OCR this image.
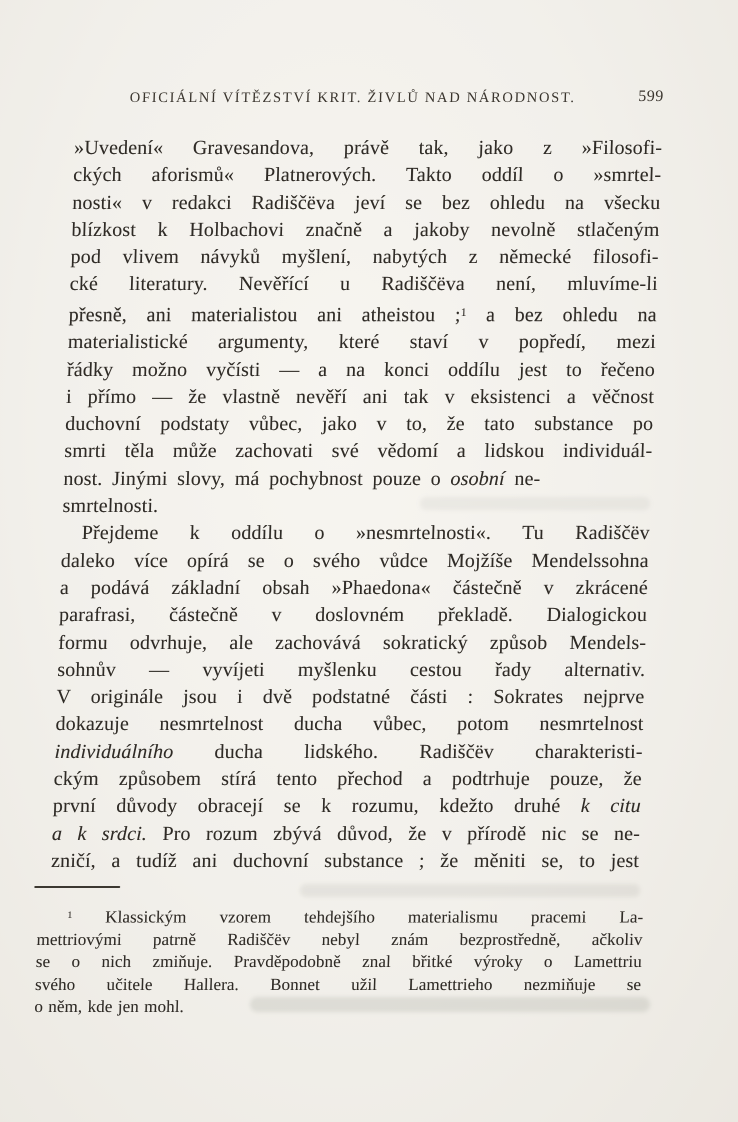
OFICIÁLNÍ VÍTĚZSTVÍ KRIT. ŽIVLŮ NAD NÁRODNOST.	599
»Uvedení« Gravesandova, právě tak, jako z »Filosofi-
ckých aforismů« Platnerových. Takto oddíl o »smrtel-
nosti« v redakci Radiščëva jeví se bez ohledu na všecku
blízkost k Holbachovi značně a jakoby nevolně stlačeným
pod vlivem návyků myšlení, nabytých z německé filosofi-
cké literatury. Nevěřící u Radiščëva není, mluvíme-li
přesně, ani materialistou ani atheistou ;$^1$ a bez ohledu na
materialistické argumenty, které staví v popředí, mezi
řádky možno vyčísti — a na konci oddílu jest to řečeno
i přímo — že vlastně nevěří ani tak v eksistenci a věčnost
duchovní podstaty vůbec, jako v to, že tato substance po
smrti těla může zachovati své vědomí a lidskou individuál-
nost. Jinými slovy, má pochybnost pouze o osobní ne-
smrtelnosti.
Přejdeme k oddílu o »nesmrtelnosti«. Tu Radiščëv
daleko více opírá se o svého vůdce Mojžíše Mendelssohna
a podává základní obsah »Phaedona« částečně v zkrácené
parafrasi, částečně v doslovném překladě. Dialogickou
formu odvrhuje, ale zachovává sokratický způsob Mendels-
sohnův — vyvíjeti myšlenku cestou řady alternativ.
V originále jsou i dvě podstatné části : Sokrates nejprve
dokazuje nesmrtelnost ducha vůbec, potom nesmrtelnost
individuálního ducha lidského. Radiščëv charakteristi-
ckým způsobem stírá tento přechod a podtrhuje pouze, že
první důvody obracejí se k rozumu, kdežto druhé k citu
a k srdci. Pro rozum zbývá důvod, že v přírodě nic se ne-
zničí, a tudíž ani duchovní substance ; že měniti se, to jest
$^1$ Klassickým vzorem tehdejšího materialismu pracemi La-
mettriovými patrně Radiščëv nebyl znám bezprostředně, ačkoliv
se o nich zmiňuje. Pravděpodobně znal břitké výroky o Lamettriu
svého učitele Hallera. Bonnet užil Lamettrieho nezmiňuje se
o něm, kde jen mohl.
